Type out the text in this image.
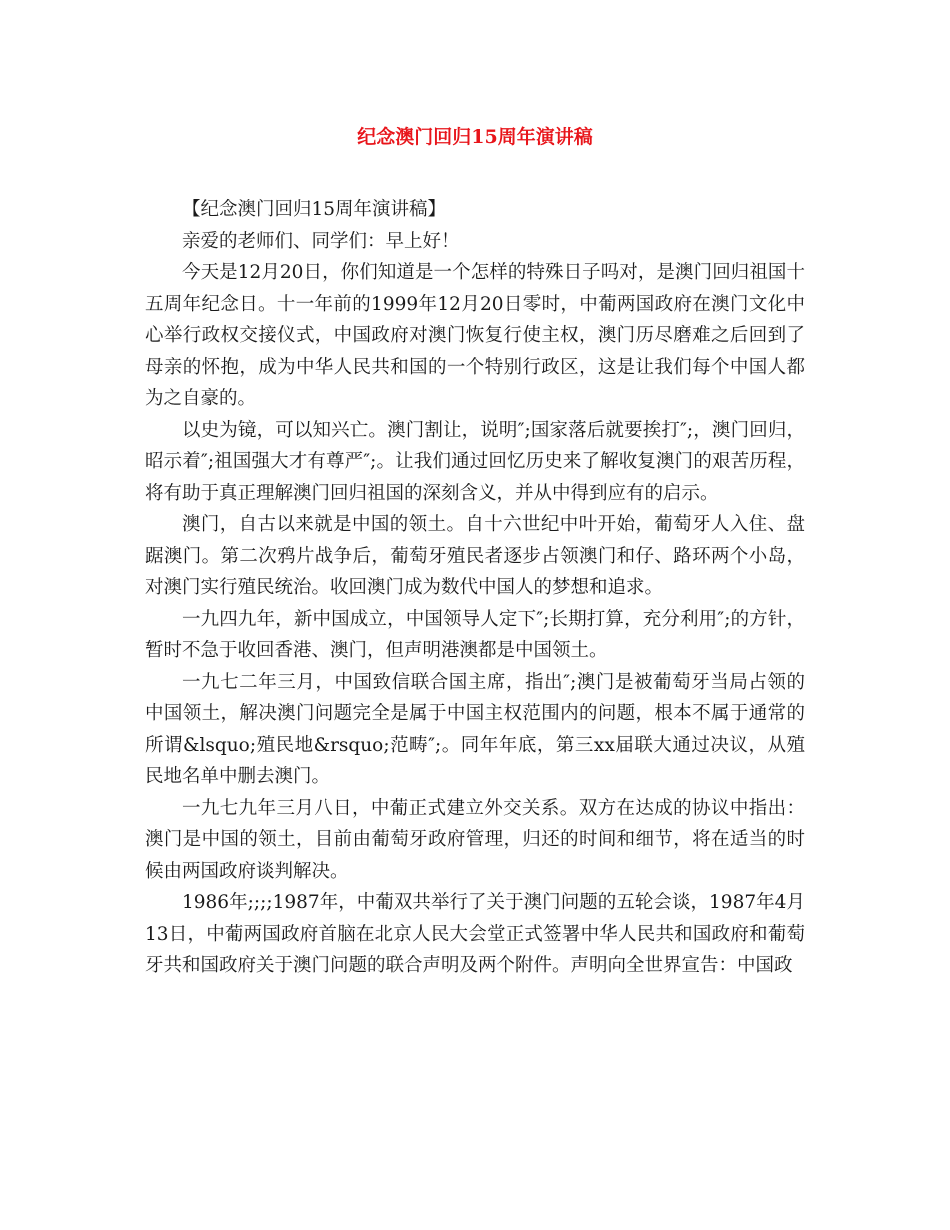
纪念澳门回归15周年演讲稿

【纪念澳门回归15周年演讲稿】

亲爱的老师们、同学们：早上好！

今天是12月20日，你们知道是一个怎样的特殊日子吗对，是澳门回归祖国十五周年纪念日。十一年前的1999年12月20日零时，中葡两国政府在澳门文化中心举行政权交接仪式，中国政府对澳门恢复行使主权，澳门历尽磨难之后回到了母亲的怀抱，成为中华人民共和国的一个特别行政区，这是让我们每个中国人都为之自豪的。

以史为镜，可以知兴亡。澳门割让，说明″;国家落后就要挨打″;，澳门回归，昭示着″;祖国强大才有尊严″;。让我们通过回忆历史来了解收复澳门的艰苦历程，将有助于真正理解澳门回归祖国的深刻含义，并从中得到应有的启示。

澳门，自古以来就是中国的领土。自十六世纪中叶开始，葡萄牙人入住、盘踞澳门。第二次鸦片战争后，葡萄牙殖民者逐步占领澳门和仔、路环两个小岛，对澳门实行殖民统治。收回澳门成为数代中国人的梦想和追求。

一九四九年，新中国成立，中国领导人定下″;长期打算，充分利用″;的方针，暂时不急于收回香港、澳门，但声明港澳都是中国领土。

一九七二年三月，中国致信联合国主席，指出″;澳门是被葡萄牙当局占领的中国领土，解决澳门问题完全是属于中国主权范围内的问题，根本不属于通常的所谓&lsquo;殖民地&rsquo;范畴″;。同年年底，第三xx届联大通过决议，从殖民地名单中删去澳门。

一九七九年三月八日，中葡正式建立外交关系。双方在达成的协议中指出：澳门是中国的领土，目前由葡萄牙政府管理，归还的时间和细节，将在适当的时候由两国政府谈判解决。

1986年;;;;1987年，中葡双共举行了关于澳门问题的五轮会谈，1987年4月13日，中葡两国政府首脑在北京人民大会堂正式签署中华人民共和国政府和葡萄牙共和国政府关于澳门问题的联合声明及两个附件。声明向全世界宣告：中国政
